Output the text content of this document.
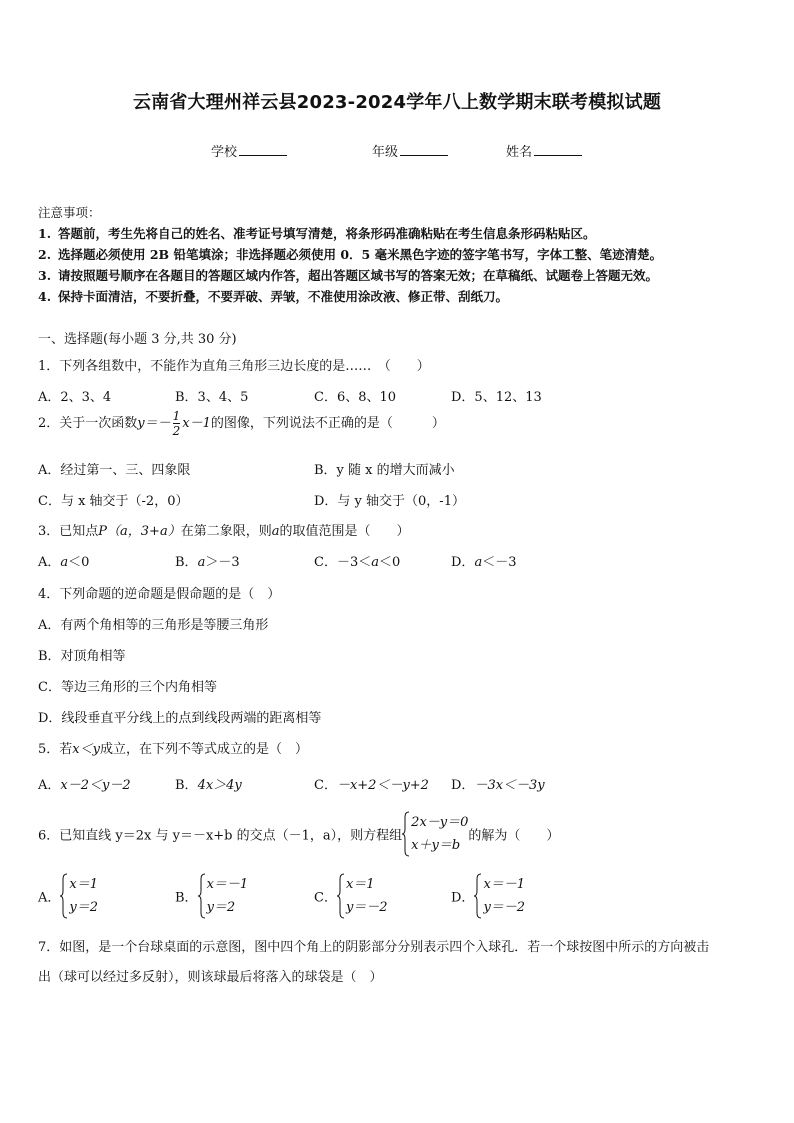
云南省大理州祥云县2023-2024学年八上数学期末联考模拟试题
学校	年级	姓名
注意事项：
1. 答题前，考生先将自己的姓名、准考证号填写清楚，将条形码准确粘贴在考生信息条形码粘贴区。
2. 选择题必须使用 2B 铅笔填涂；非选择题必须使用 0．5 毫米黑色字迹的签字笔书写，字体工整、笔迹清楚。
3. 请按照题号顺序在各题目的答题区域内作答，超出答题区域书写的答案无效；在草稿纸、试题卷上答题无效。
4. 保持卡面清洁，不要折叠，不要弄破、弄皱，不准使用涂改液、修正带、刮纸刀。
一、选择题(每小题 3 分,共 30 分)
1．下列各组数中，不能作为直角三角形三边长度的是……　（　　）
A．2、3、4	B．3、4、5	C．6、8、10	D．5、12、13
2．关于一次函数$y=- \frac{1}{2} x-1$的图像，下列说法不正确的是（　　　）
A．经过第一、三、四象限	B．y 随 x 的增大而减小
C．与 x 轴交于（-2，0）	D．与 y 轴交于（0，-1）
3．已知点P（a，3+a）在第二象限，则a的取值范围是（　　）
A．a＜0	B．a＞－3	C．－3＜a＜0	D．a＜－3
4．下列命题的逆命题是假命题的是（　）
A．有两个角相等的三角形是等腰三角形
B．对顶角相等
C．等边三角形的三个内角相等
D．线段垂直平分线上的点到线段两端的距离相等
5．若x＜y成立，在下列不等式成立的是（　）
A．x－2＜y－2	B．4x＞4y	C．－x+2＜－y+2 D．－3x＜－3y
6．已知直线 y＝2x 与 y＝－x+b 的交点（－1，a），则方程组
2x－y＝0
x＋y＝b
的解为（　　）
A．
x＝1
y＝2
B．
x＝－1
y＝2
C．
x＝1
y＝－2
D．
x＝－1
y＝－2
7．如图，是一个台球桌面的示意图，图中四个角上的阴影部分分别表示四个入球孔．若一个球按图中所示的方向被击
出（球可以经过多反射），则该球最后将落入的球袋是（　）
